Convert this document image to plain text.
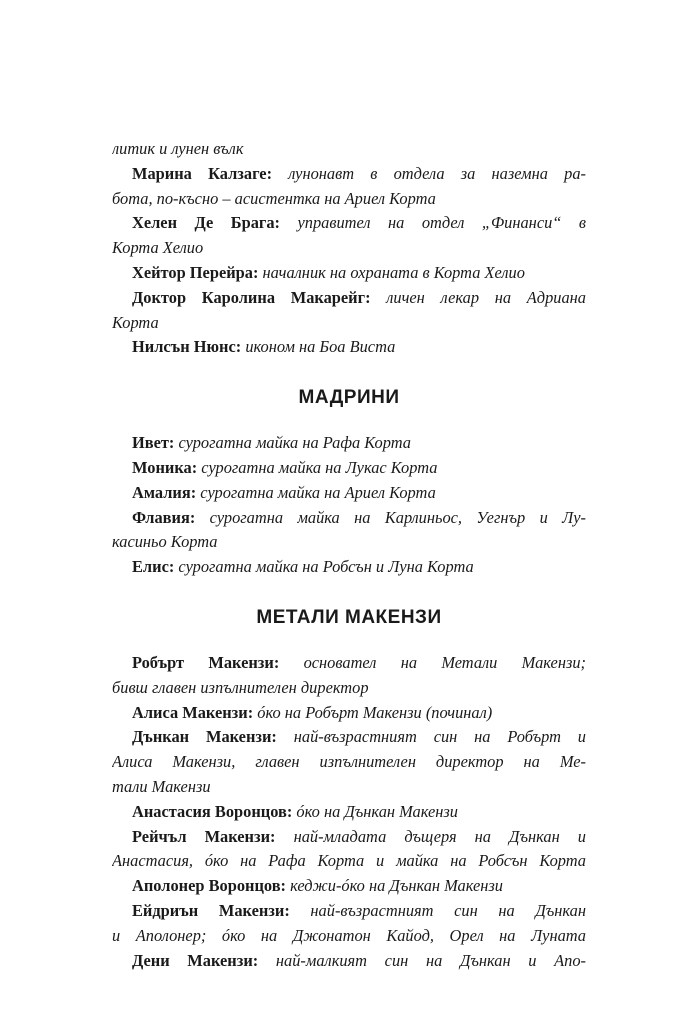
литик и лунен вълк
Марина Калзаге: лунонавт в отдела за наземна ра-
бота, по-късно – асистентка на Ариел Корта
Хелен Де Брага: управител на отдел „Финанси“ в
Корта Хелио
Хейтор Перейра: началник на охраната в Корта Хелио
Доктор Каролина Макарейг: личен лекар на Адриана
Корта
Нилсън Нюнс: иконом на Боа Виста
МАДРИНИ
Ивет: сурогатна майка на Рафа Корта
Моника: сурогатна майка на Лукас Корта
Амалия: сурогатна майка на Ариел Корта
Флавия: сурогатна майка на Карлиньос, Уегнър и Лу-
касиньо Корта
Елис: сурогатна майка на Робсън и Луна Корта
МЕТАЛИ МАКЕНЗИ
Робърт Макензи: основател на Метали Макензи;
бивш главен изпълнителен директор
Алиса Макензи: óко на Робърт Макензи (починал)
Дънкан Макензи: най-възрастният син на Робърт и
Алиса Макензи, главен изпълнителен директор на Ме-
тали Макензи
Анастасия Воронцов: óко на Дънкан Макензи
Рейчъл Макензи: най-младата дъщеря на Дънкан и
Анастасия, óко на Рафа Корта и майка на Робсън Корта
Аполонер Воронцов: кеджи-óко на Дънкан Макензи
Ейдриън Макензи: най-възрастният син на Дънкан
и Аполонер; óко на Джонатон Кайод, Орел на Луната
Дени Макензи: най-малкият син на Дънкан и Апо-
